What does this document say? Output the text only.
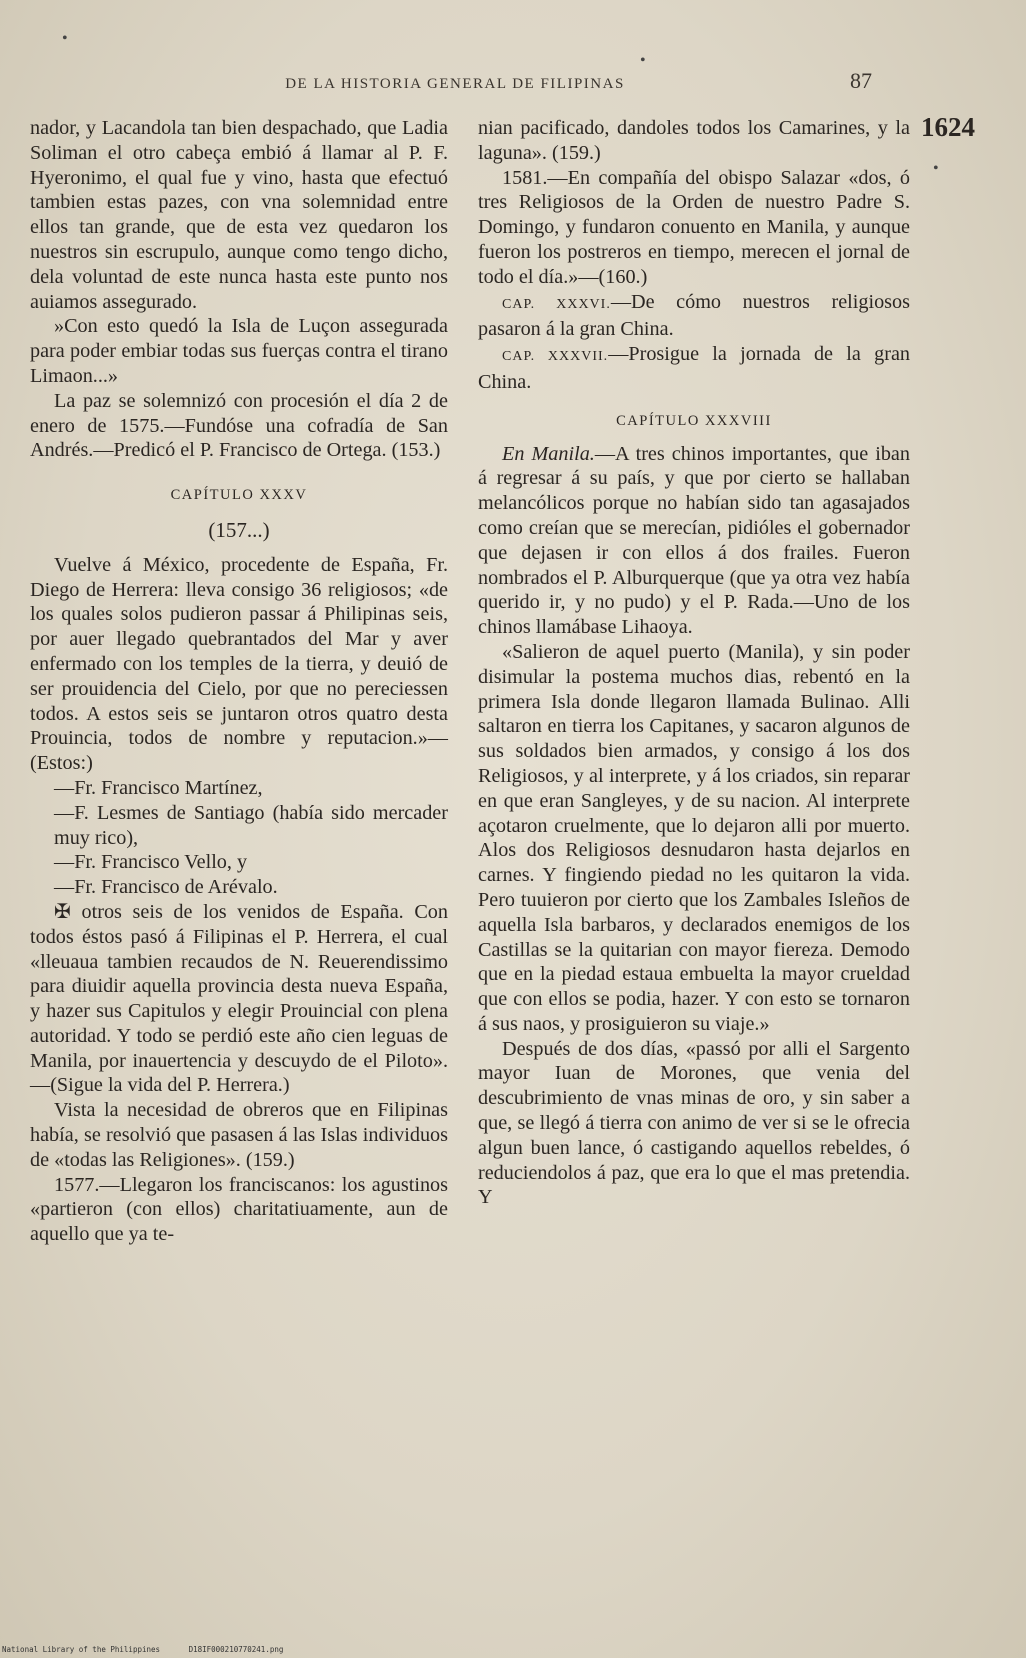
DE LA HISTORIA GENERAL DE FILIPINAS	87
1624
•
•
•

nador, y Lacandola tan bien despachado, que Ladia Soliman el otro cabeça embió á llamar al P. F. Hyeronimo, el qual fue y vino, hasta que efectuó tambien estas pazes, con vna solemnidad entre ellos tan grande, que de esta vez quedaron los nuestros sin escrupulo, aunque como tengo dicho, dela voluntad de este nunca hasta este punto nos auiamos assegurado.

»Con esto quedó la Isla de Luçon assegurada para poder embiar todas sus fuerças contra el tirano Limaon...»

La paz se solemnizó con procesión el día 2 de enero de 1575.—Fundóse una cofradía de San Andrés.—Predicó el P. Francisco de Ortega. (153.)

CAPÍTULO XXXV
(157...)

Vuelve á México, procedente de España, Fr. Diego de Herrera: lleva consigo 36 religiosos; «de los quales solos pudieron passar á Philipinas seis, por auer llegado quebrantados del Mar y aver enfermado con los temples de la tierra, y deuió de ser prouidencia del Cielo, por que no pereciessen todos. A estos seis se juntaron otros quatro desta Prouincia, todos de nombre y reputacion.»—(Estos:)

—Fr. Francisco Martínez,
—F. Lesmes de Santiago (había sido mercader muy rico),
—Fr. Francisco Vello, y
—Fr. Francisco de Arévalo.

✠ otros seis de los venidos de España. Con todos éstos pasó á Filipinas el P. Herrera, el cual «lleuaua tambien recaudos de N. Reuerendissimo para diuidir aquella provincia desta nueva España, y hazer sus Capitulos y elegir Prouincial con plena autoridad. Y todo se perdió este año cien leguas de Manila, por inauertencia y descuydo de el Piloto».—(Sigue la vida del P. Herrera.)

Vista la necesidad de obreros que en Filipinas había, se resolvió que pasasen á las Islas individuos de «todas las Religiones». (159.)

1577.—Llegaron los franciscanos: los agustinos «partieron (con ellos) charitatiuamente, aun de aquello que ya te-

nian pacificado, dandoles todos los Camarines, y la laguna». (159.)

1581.—En compañía del obispo Salazar «dos, ó tres Religiosos de la Orden de nuestro Padre S. Domingo, y fundaron conuento en Manila, y aunque fueron los postreros en tiempo, merecen el jornal de todo el día.»—(160.)

CAP. XXXVI.—De cómo nuestros religiosos pasaron á la gran China.

CAP. XXXVII.—Prosigue la jornada de la gran China.

CAPÍTULO XXXVIII

En Manila.—A tres chinos importantes, que iban á regresar á su país, y que por cierto se hallaban melancólicos porque no habían sido tan agasajados como creían que se merecían, pidióles el gobernador que dejasen ir con ellos á dos frailes. Fueron nombrados el P. Alburquerque (que ya otra vez había querido ir, y no pudo) y el P. Rada.—Uno de los chinos llamábase Lihaoya.

«Salieron de aquel puerto (Manila), y sin poder disimular la postema muchos dias, rebentó en la primera Isla donde llegaron llamada Bulinao. Alli saltaron en tierra los Capitanes, y sacaron algunos de sus soldados bien armados, y consigo á los dos Religiosos, y al interprete, y á los criados, sin reparar en que eran Sangleyes, y de su nacion. Al interprete açotaron cruelmente, que lo dejaron alli por muerto. Alos dos Religiosos desnudaron hasta dejarlos en carnes. Y fingiendo piedad no les quitaron la vida. Pero tuuieron por cierto que los Zambales Isleños de aquella Isla barbaros, y declarados enemigos de los Castillas se la quitarian con mayor fiereza. Demodo que en la piedad estaua embuelta la mayor crueldad que con ellos se podia, hazer. Y con esto se tornaron á sus naos, y prosiguieron su viaje.»

Después de dos días, «passó por alli el Sargento mayor Iuan de Morones, que venia del descubrimiento de vnas minas de oro, y sin saber a que, se llegó á tierra con animo de ver si se le ofrecia algun buen lance, ó castigando aquellos rebeldes, ó reduciendolos á paz, que era lo que el mas pretendia. Y

National Library of the Philippines	D18IF000210770241.png
